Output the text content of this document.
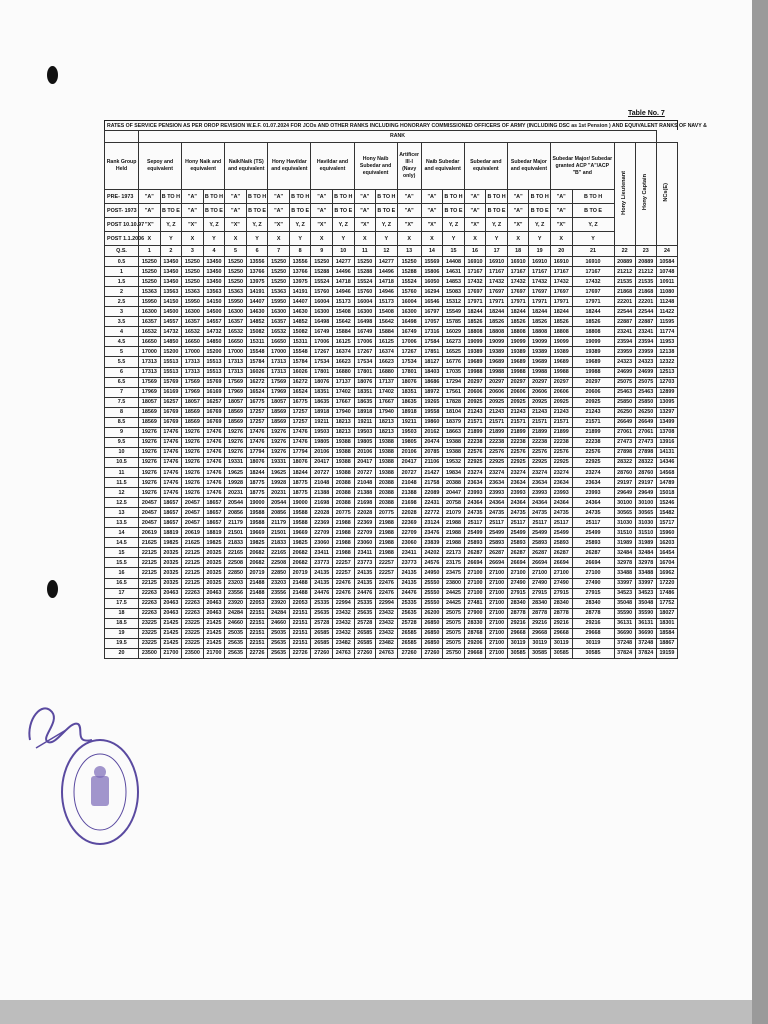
Table No. 7
RATES OF SERVICE PENSION AS PER OROP REVISION W.E.F. 01.07.2024 FOR JCOs AND OTHER RANKS INCLUDING HONORARY COMMISSIONED OFFICERS OF ARMY (INCLUDING DSC as 1st Pension ) AND EQUIVALENT RANKS OF NAVY &
	RANK																							
Rank Group Held	Sepoy and equivalent		Hony Naik and equivalent		Naik/Naik (TS) and equivalent		Hony Havildar and equivalent		Havildar and equivalent		Hony Naib Subedar and equivalent		Artificer III-I (Navy only)	Naib Subedar and equivalent		Subedar and equivalent		Subedar Major and equivalent		Subedar Major/ Subedar granted ACP "A"/ACP "B" and		Hony Lieutenant	Hony Captain	NCs(E)
PRE- 1973	"A"	B TO H	"A"	B TO H	"A"	B TO H	"A"	B TO H	"A"	B TO H	"A"	B TO H	"A"	"A"	B TO H	"A"	B TO H	"A"	B TO H	"A"	B TO H			
POST- 1973	"A"	B TO E	"A"	B TO E	"A"	B TO E	"A"	B TO E	"A"	B TO E	"A"	B TO E	"A"	"A"	B TO E	"A"	B TO E	"A"	B TO E	"A"	B TO E			
POST 10.10.97	"X"	Y, Z	"X"	Y, Z	"X"	Y, Z	"X"	Y, Z	"X"	Y, Z	"X"	Y, Z	"X"	"X"	Y, Z	"X"	Y, Z	"X"	Y, Z	"X"	Y, Z			
POST 1.1.2006	X	Y	X	Y	X	Y	X	Y	X	Y	X	Y	X	X	Y	X	Y	X	Y	X	Y			
Q.S.	1	2	3	4	5	6	7	8	9	10	11	12	13	14	15	16	17	18	19	20	21	22	23	24
0.5	15250	13450	15250	13450	15250	13556	15250	13556	15250	14277	15250	14277	15250	15569	14408	16910	16910	16910	16910	16910	16910	20889	20889	10584
1	15250	13450	15250	13450	15250	13766	15250	13766	15288	14496	15288	14496	15288	15806	14631	17167	17167	17167	17167	17167	17167	21212	21212	10748
1.5	15250	13450	15250	13450	15250	13975	15250	13975	15524	14718	15524	14718	15524	16050	14853	17432	17432	17432	17432	17432	17432	21535	21535	10911
2	15363	13563	15363	13563	15363	14191	15363	14191	15760	14946	15760	14946	15760	16294	15083	17697	17697	17697	17697	17697	17697	21868	21868	11080
2.5	15950	14150	15950	14150	15950	14407	15950	14407	16004	15173	16004	15173	16004	16546	15312	17971	17971	17971	17971	17971	17971	22201	22201	11248
3	16300	14500	16300	14500	16300	14630	16300	14630	16300	15408	16300	15408	16300	16797	15549	18244	18244	18244	18244	18244	18244	22544	22544	11422
3.5	16357	14557	16357	14557	16357	14852	16357	14852	16498	15642	16498	15642	16498	17057	15785	18526	18526	18526	18526	18526	18526	22887	22887	11595
4	16532	14732	16532	14732	16532	15082	16532	15082	16749	15884	16749	15884	16749	17316	16029	18808	18808	18808	18808	18808	18808	23241	23241	11774
4.5	16650	14850	16650	14850	16650	15311	16650	15311	17006	16125	17006	16125	17006	17584	16273	19099	19099	19099	19099	19099	19099	23594	23594	11953
5	17000	15200	17000	15200	17000	15548	17000	15548	17267	16374	17267	16374	17267	17851	16525	19389	19389	19389	19389	19389	19389	23959	23959	12138
5.5	17313	15513	17313	15513	17313	15784	17313	15784	17534	16623	17534	16623	17534	18127	16776	19689	19689	19689	19689	19689	19689	24323	24323	12322
6	17313	15513	17313	15513	17313	16026	17313	16026	17801	16880	17801	16880	17801	18403	17035	19988	19988	19988	19988	19988	19988	24699	24699	12513
6.5	17569	15769	17569	15769	17569	16272	17569	16272	18076	17137	18076	17137	18076	18686	17294	20297	20297	20297	20297	20297	20297	25075	25075	12703
7	17969	16169	17969	16169	17969	16524	17969	16524	18351	17402	18351	17402	18351	18972	17561	20606	20606	20606	20606	20606	20606	25463	25463	12899
7.5	18057	16257	18057	16257	18057	16775	18057	16775	18635	17667	18635	17667	18635	19265	17828	20925	20925	20925	20925	20925	20925	25850	25850	13095
8	18569	16769	18569	16769	18569	17257	18569	17257	18918	17940	18918	17940	18918	19558	18104	21243	21243	21243	21243	21243	21243	26250	26250	13297
8.5	18569	16769	18569	16769	18569	17257	18569	17257	19211	18213	19211	18213	19211	19860	18379	21571	21571	21571	21571	21571	21571	26649	26649	13499
9	19276	17476	19276	17476	19276	17476	19276	17476	19503	18213	19503	18213	19503	20162	18663	21899	21899	21899	21899	21899	21899	27061	27061	13708
9.5	19276	17476	19276	17476	19276	17476	19276	17476	19805	19388	19805	19388	19805	20474	19388	22238	22238	22238	22238	22238	22238	27473	27473	13916
10	19276	17476	19276	17476	19276	17794	19276	17794	20106	19388	20106	19388	20106	20785	19388	22576	22576	22576	22576	22576	22576	27898	27898	14131
10.5	19276	17476	19276	17476	19331	18076	19331	18076	20417	19388	20417	19388	20417	21106	19532	22925	22925	22925	22925	22925	22925	28322	28322	14346
11	19276	17476	19276	17476	19625	18244	19625	18244	20727	19388	20727	19388	20727	21427	19834	23274	23274	23274	23274	23274	23274	28760	28760	14568
11.5	19276	17476	19276	17476	19928	18775	19928	18775	21048	20388	21048	20388	21048	21758	20388	23634	23634	23634	23634	23634	23634	29197	29197	14789
12	19276	17476	19276	17476	20231	18775	20231	18775	21388	20388	21388	20388	21388	22089	20447	23993	23993	23993	23993	23993	23993	29649	29649	15018
12.5	20457	18657	20457	18657	20544	19000	20544	19000	21698	20388	21698	20388	21698	22431	20758	24364	24364	24364	24364	24364	24364	30100	30100	15246
13	20457	18657	20457	18657	20856	19588	20856	19588	22028	20775	22028	20775	22028	22772	21079	24735	24735	24735	24735	24735	24735	30565	30565	15482
13.5	20457	18657	20457	18657	21179	19588	21179	19588	22369	21988	22369	21988	22369	23124	21988	25117	25117	25117	25117	25117	25117	31030	31030	15717
14	20619	18819	20619	18819	21501	19669	21501	19669	22709	21988	22709	21988	22709	23476	21988	25499	25499	25499	25499	25499	25499	31510	31510	15960
14.5	21625	19825	21625	19825	21833	19825	21833	19825	23060	21988	23060	21988	23060	23839	21988	25893	25893	25893	25893	25893	25893	31989	31989	16203
15	22125	20325	22125	20325	22165	20682	22165	20682	23411	21988	23411	21988	23411	24202	22173	26287	26287	26287	26287	26287	26287	32484	32484	16454
15.5	22125	20325	22125	20325	22508	20682	22508	20682	23773	22257	23773	22257	23773	24576	23175	26694	26694	26694	26694	26694	26694	32978	32978	16704
16	22125	20325	22125	20325	22850	20719	22850	20719	24135	22257	24135	22257	24135	24950	23475	27100	27100	27100	27100	27100	27100	33488	33488	16962
16.5	22125	20325	22125	20325	23203	21488	23203	21488	24135	22476	24135	22476	24135	25550	23800	27100	27100	27490	27490	27490	27490	33997	33997	17220
17	22263	20463	22263	20463	23556	21488	23556	21488	24476	22476	24476	22476	24476	25550	24425	27100	27100	27915	27915	27915	27915	34523	34523	17486
17.5	22263	20463	22263	20463	23920	22053	23920	22053	25335	22994	25335	22994	25335	25550	24425	27481	27100	28340	28340	28340	28340	35048	35048	17752
18	22263	20463	22263	20463	24284	22151	24284	22151	25635	23432	25635	23432	25635	26200	25075	27900	27100	28778	28778	28778	28778	35590	35590	18027
18.5	23225	21425	23225	21425	24660	22151	24660	22151	25728	23432	25728	23432	25728	26850	25075	28330	27100	29216	29216	29216	29216	36131	36131	18301
19	23225	21425	23225	21425	25035	22151	25035	22151	26585	23432	26585	23432	26585	26850	25075	28768	27100	29668	29668	29668	29668	36690	36690	18584
19.5	23225	21425	23225	21425	25635	22151	25635	22151	26585	23482	26585	23482	26585	26850	25075	29206	27100	30119	30119	30119	30119	37248	37248	18867
20	23500	21700	23500	21700	25635	22726	25635	22726	27260	24763	27260	24763	27260	27260	25750	29668	27100	30585	30585	30585	30585	37824	37824	19159
